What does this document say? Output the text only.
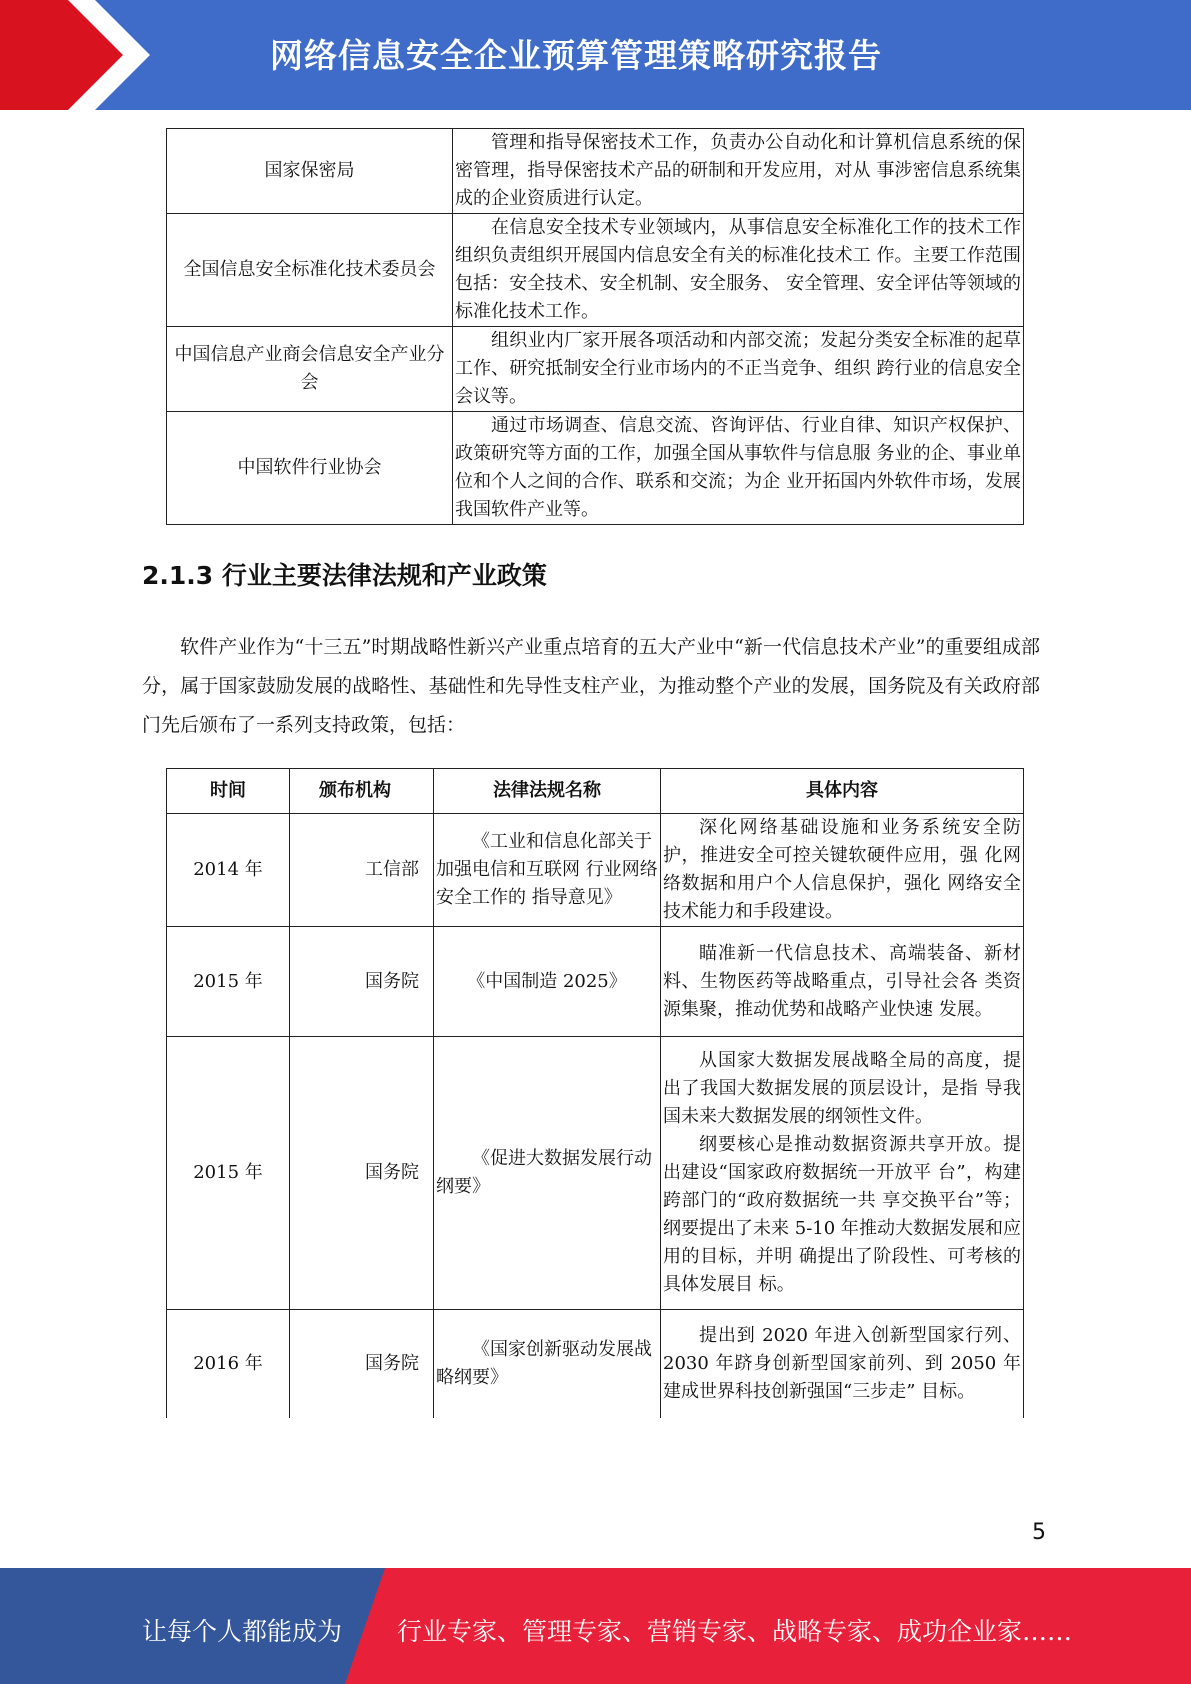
网络信息安全企业预算管理策略研究报告
国家保密局	管理和指导保密技术工作，负责办公自动化和计算机信息系统的保密管理，指导保密技术产品的研制和开发应用，对从 事涉密信息系统集成的企业资质进行认定。
全国信息安全标准化技术委员会	在信息安全技术专业领域内，从事信息安全标准化工作的技术工作组织负责组织开展国内信息安全有关的标准化技术工 作。主要工作范围包括：安全技术、安全机制、安全服务、 安全管理、安全评估等领域的标准化技术工作。
中国信息产业商会信息安全产业分会	组织业内厂家开展各项活动和内部交流；发起分类安全标准的起草工作、研究抵制安全行业市场内的不正当竞争、组织 跨行业的信息安全会议等。
中国软件行业协会	通过市场调查、信息交流、咨询评估、行业自律、知识产权保护、政策研究等方面的工作，加强全国从事软件与信息服 务业的企、事业单位和个人之间的合作、联系和交流；为企 业开拓国内外软件市场，发展我国软件产业等。
2.1.3 行业主要法律法规和产业政策

软件产业作为“十三五”时期战略性新兴产业重点培育的五大产业中“新一代信息技术产业”的重要组成部分，属于国家鼓励发展的战略性、基础性和先导性支柱产业，为推动整个产业的发展，国务院及有关政府部门先后颁布了一系列支持政策，包括：

时间	颁布机构	法律法规名称	具体内容
2014 年	工信部	《工业和信息化部关于加强电信和互联网 行业网络安全工作的 指导意见》	深化网络基础设施和业务系统安全防护，推进安全可控关键软硬件应用，强 化网络数据和用户个人信息保护，强化 网络安全技术能力和手段建设。
2015 年	国务院	《中国制造 2025》	瞄准新一代信息技术、高端装备、新材料、生物医药等战略重点，引导社会各 类资源集聚，推动优势和战略产业快速 发展。
2015 年	国务院	《促进大数据发展行动纲要》	从国家大数据发展战略全局的高度，提出了我国大数据发展的顶层设计，是指 导我国未来大数据发展的纲领性文件。
纲要核心是推动数据资源共享开放。提出建设“国家政府数据统一开放平 台”，构建跨部门的“政府数据统一共 享交换平台”等；纲要提出了未来 5-10 年推动大数据发展和应用的目标，并明 确提出了阶段性、可考核的具体发展目 标。

2016 年	国务院	《国家创新驱动发展战略纲要》	提出到 2020 年进入创新型国家行列、2030 年跻身创新型国家前列、到 2050 年建成世界科技创新强国“三步走” 目标。
5
让每个人都能成为 行业专家、管理专家、营销专家、战略专家、成功企业家……
